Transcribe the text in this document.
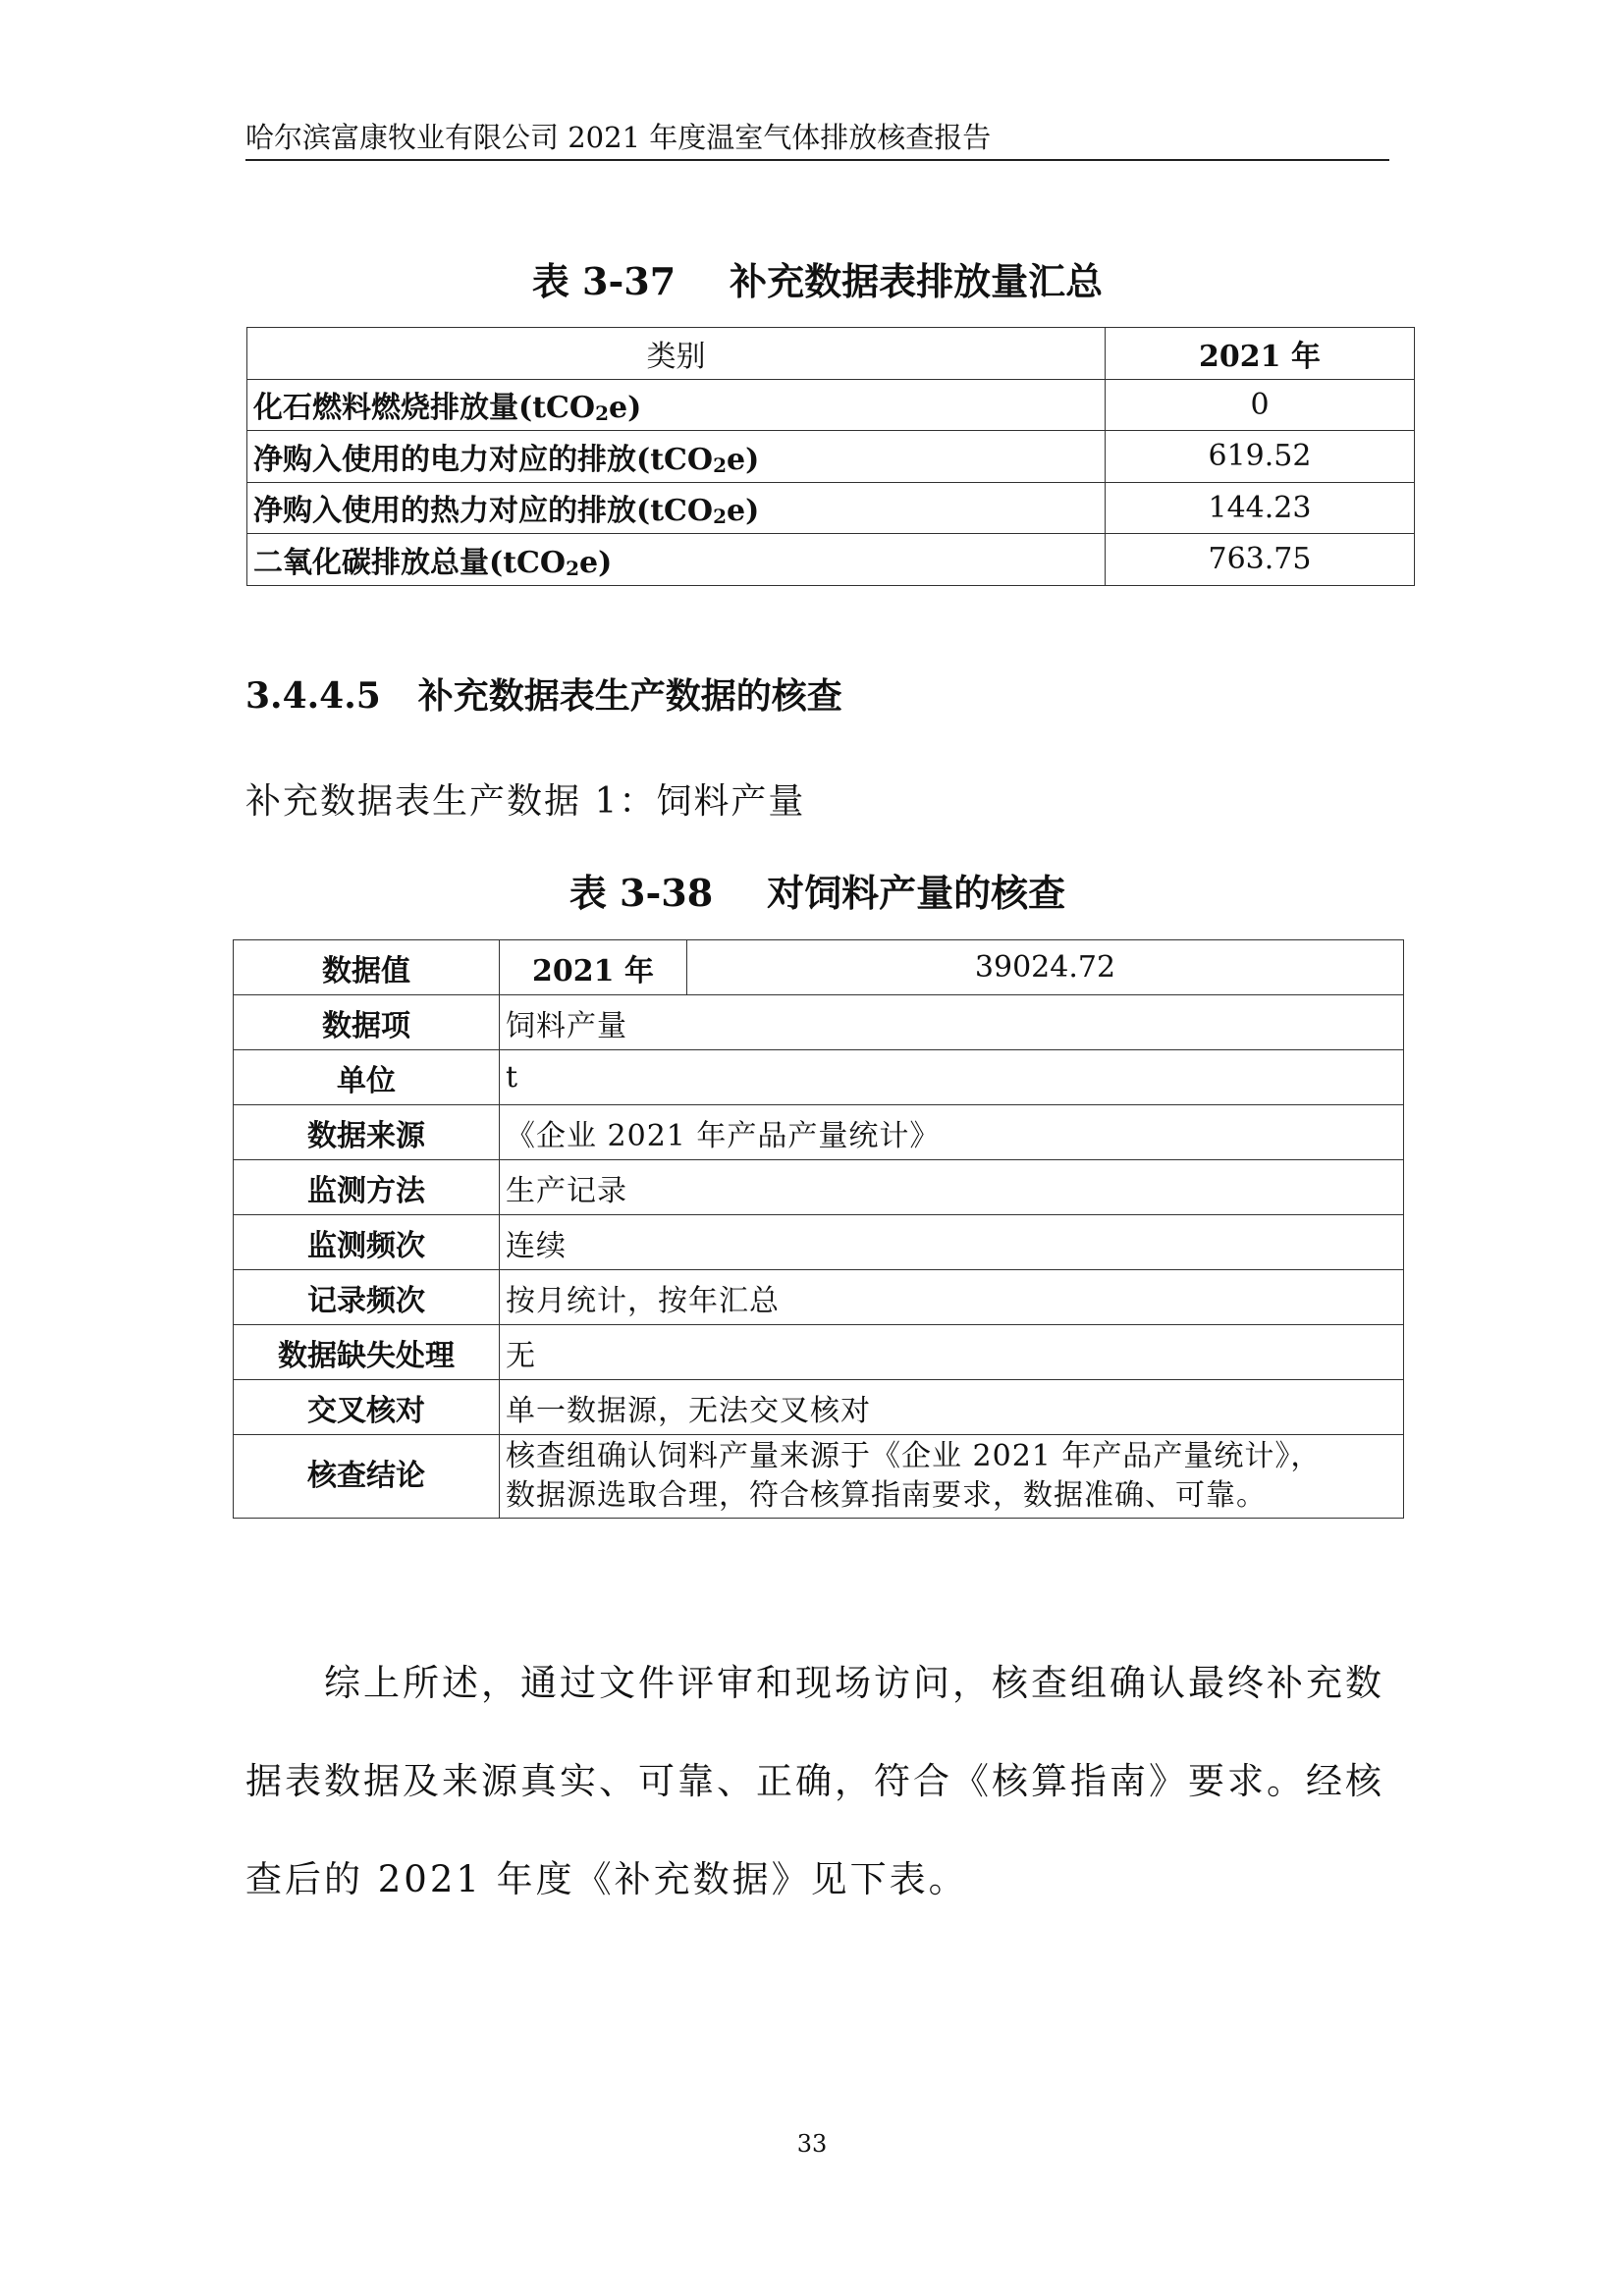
哈尔滨富康牧业有限公司 2021 年度温室气体排放核查报告
表 3-37 补充数据表排放量汇总
类别	2021 年
化石燃料燃烧排放量(tCO$_2$e)	0
净购入使用的电力对应的排放(tCO$_2$e)	619.52
净购入使用的热力对应的排放(tCO$_2$e)	144.23
二氧化碳排放总量(tCO$_2$e)	763.75
3.4.4.5 补充数据表生产数据的核查
补充数据表生产数据 1：饲料产量
表 3-38 对饲料产量的核查
数据值	2021 年	39024.72
数据项	饲料产量	
单位	t	
数据来源	《企业 2021 年产品产量统计》	
监测方法	生产记录	
监测频次	连续	
记录频次	按月统计，按年汇总	
数据缺失处理	无	
交叉核对	单一数据源，无法交叉核对	
核查结论	核查组确认饲料产量来源于《企业 2021 年产品产量统计》，
数据源选取合理，符合核算指南要求，数据准确、可靠。	
综上所述，通过文件评审和现场访问，核查组确认最终补充数据表数据及来源真实、可靠、正确，符合《核算指南》要求。经核查后的 2021 年度《补充数据》见下表。
33
